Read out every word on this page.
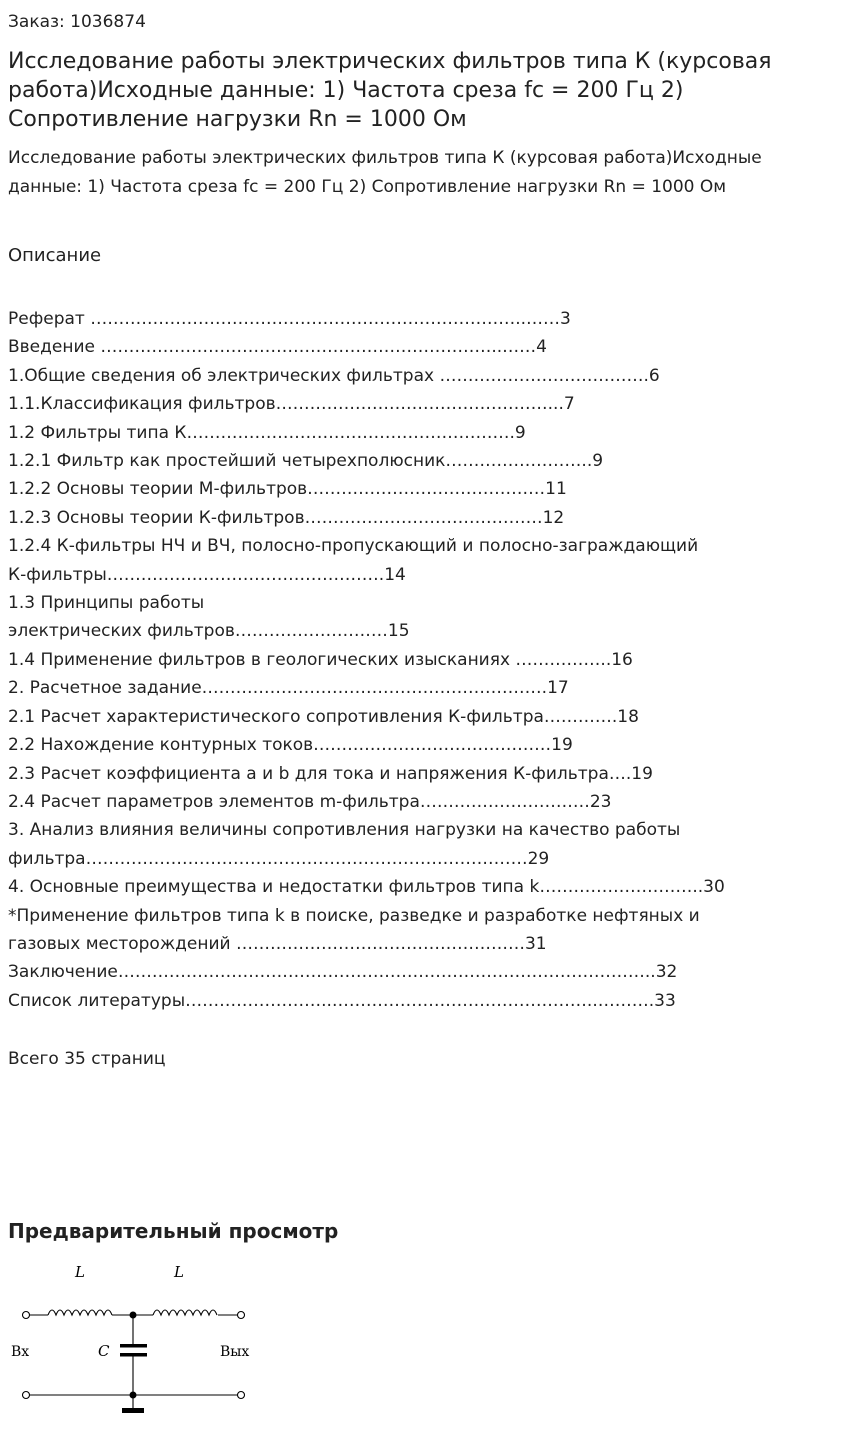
Заказ: 1036874
Исследование работы электрических фильтров типа К (курсовая работа)Исходные данные: 1) Частота среза fc = 200 Гц 2) Сопротивление нагрузки Rn = 1000 Ом

Исследование работы электрических фильтров типа К (курсовая работа)Исходные данные: 1) Частота среза fc = 200 Гц 2) Сопротивление нагрузки Rn = 1000 Ом

Описание
Реферат …………………………………………………………………..……3
Введение ……………………………………………………………..……4
1.Общие сведения об электрических фильтрах ……………………………….6
1.1.Классификация фильтров…………………………………………...7
1.2 Фильтры типа К………………………………………………….9
1.2.1 Фильтр как простейший четырехполюсник……………………..9
1.2.2 Основы теории М-фильтров……………………………………11
1.2.3 Основы теории К-фильтров……………………………………12
1.2.4 К-фильтры НЧ и ВЧ, полосно-пропускающий и полосно-заграждающий
К-фильтры………………………………………….14
1.3 Принципы работы
электрических фильтров………………………15
1.4 Применение фильтров в геологических изысканиях ……………..16
2. Расчетное задание…………………………………………………….17
2.1 Расчет характеристического сопротивления К-фильтра………….18
2.2 Нахождение контурных токов……………………………………19
2.3 Расчет коэффициента a и b для тока и напряжения К-фильтра….19
2.4 Расчет параметров элементов m-фильтра…………………………23
3. Анализ влияния величины сопротивления нагрузки на качество работы
фильтра……………………………………………………………………29
4. Основные преимущества и недостатки фильтров типа k………………………..30
*Применение фильтров типа k в поиске, разведке и разработке нефтяных и
газовых месторождений ……………………………………………31
Заключение…………………………………………………………………………………..32
Список литературы……………………..………………………………………..……….33
Всего 35 страниц
Предварительный просмотр
L	L
C
Вх	Вых
